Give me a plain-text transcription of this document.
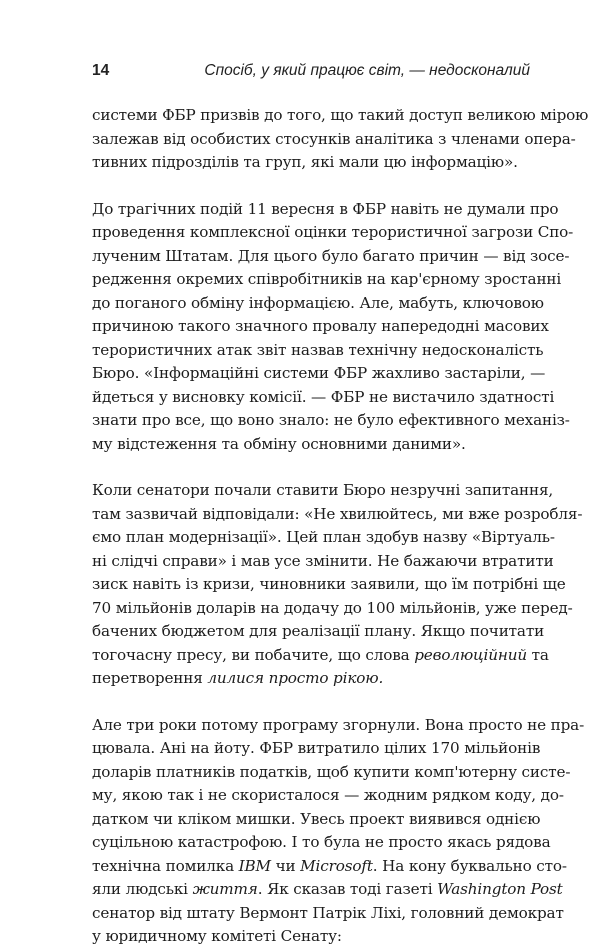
14	Спосіб, у який працює світ, — недосконалий
системи ФБР призвів до того, що такий доступ великою мірою
залежав від особистих стосунків аналітика з членами опера-
тивних підрозділів та груп, які мали цю інформацію».
До трагічних подій 11 вересня в ФБР навіть не думали про
проведення комплексної оцінки терористичної загрози Спо-
лученим Штатам. Для цього було багато причин — від зосе-
редження окремих співробітників на кар'єрному зростанні
до поганого обміну інформацією. Але, мабуть, ключовою
причиною такого значного провалу напередодні масових
терористичних атак звіт назвав технічну недосконалість
Бюро. «Інформаційні системи ФБР жахливо застаріли, —
йдеться у висновку комісії. — ФБР не вистачило здатності
знати про все, що воно знало: не було ефективного механіз-
му відстеження та обміну основними даними».
Коли сенатори почали ставити Бюро незручні запитання,
там зазвичай відповідали: «Не хвилюйтесь, ми вже розробля-
ємо план модернізації». Цей план здобув назву «Віртуаль-
ні слідчі справи» і мав усе змінити. Не бажаючи втратити
зиск навіть із кризи, чиновники заявили, що їм потрібні ще
70 мільйонів доларів на додачу до 100 мільйонів, уже перед-
бачених бюджетом для реалізації плану. Якщо почитати
тогочасну пресу, ви побачите, що слова революційний та
перетворення лилися просто рікою.
Але три роки потому програму згорнули. Вона просто не пра-
цювала. Ані на йоту. ФБР витратило цілих 170 мільйонів
доларів платників податків, щоб купити комп'ютерну систе-
му, якою так і не скористалося — жодним рядком коду, до-
датком чи кліком мишки. Увесь проект виявився однією
суцільною катастрофою. І то була не просто якась рядова
технічна помилка IBM чи Microsoft. На кону буквально сто-
яли людські життя. Як сказав тоді газеті Washington Post
сенатор від штату Вермонт Патрік Ліхі, головний демократ
у юридичному комітеті Сенату:
